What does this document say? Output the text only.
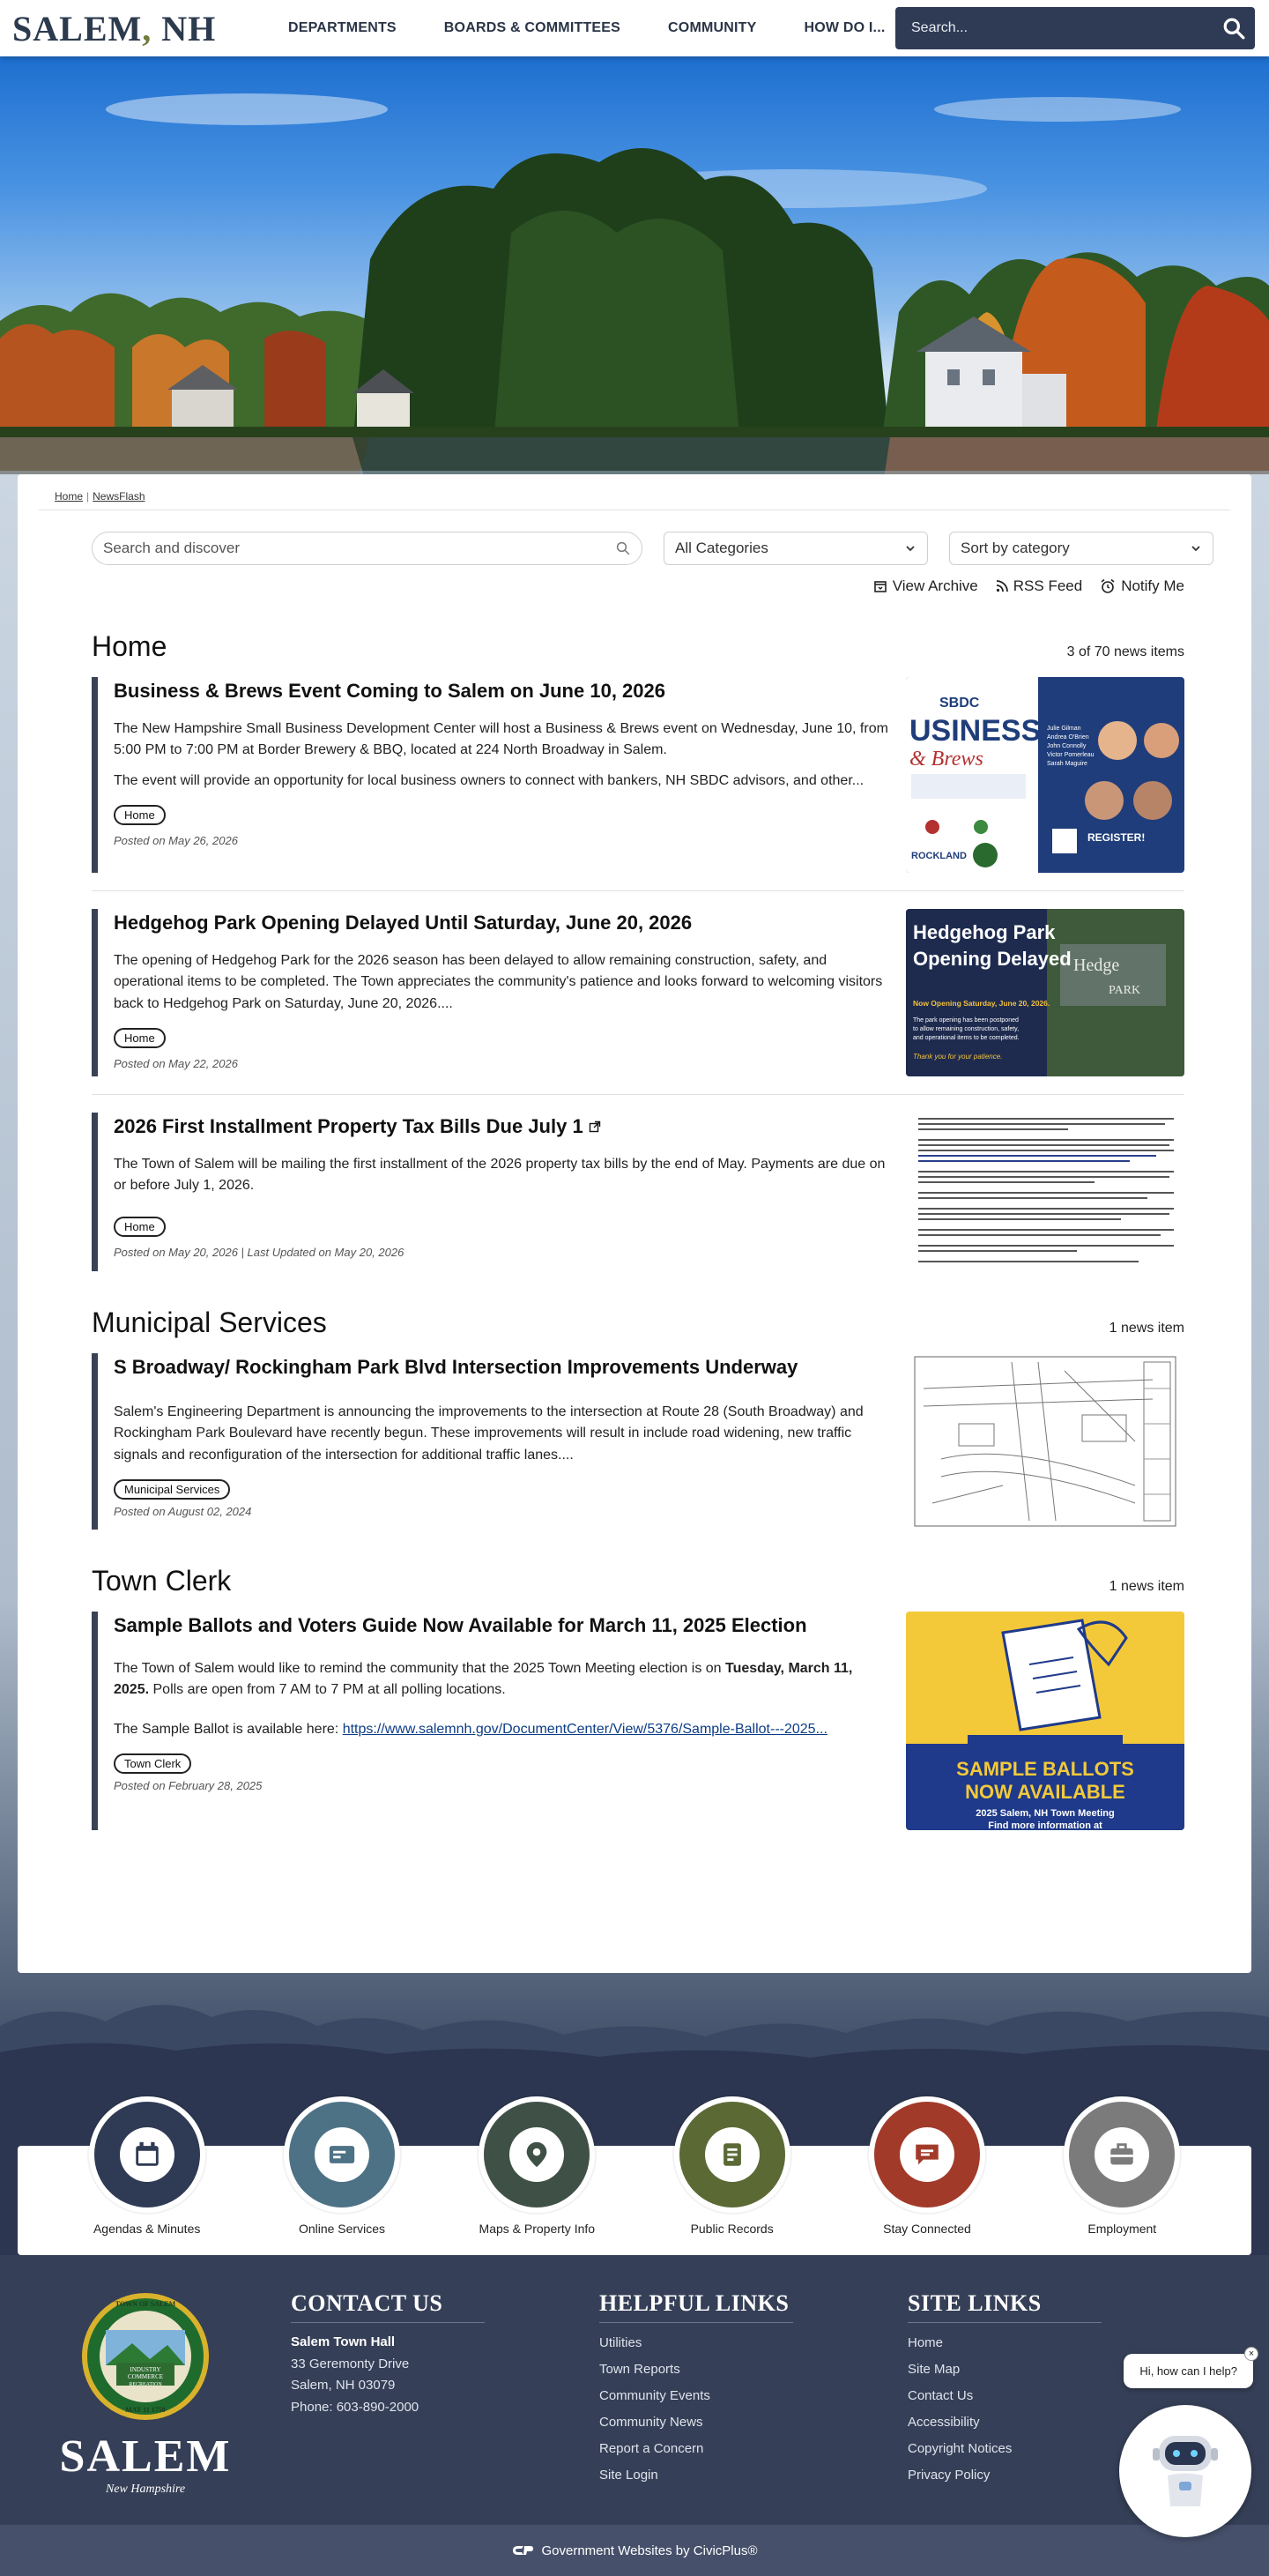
SALEM, NH	DEPARTMENTS	BOARDS & COMMITTEES	COMMUNITY	HOW DO I...
Search...
Home | NewsFlash
Search and discover	All Categories	Sort by category
View Archive RSS Feed	Notify Me
Home	3 of 70 news items
Business & Brews Event Coming to Salem on June 10, 2026

The New Hampshire Small Business Development Center will host a Business & Brews event on Wednesday, June 10, from 5:00 PM to 7:00 PM at Border Brewery & BBQ, located at 224 North Broadway in Salem.

The event will provide an opportunity for local business owners to connect with bankers, NH SBDC advisors, and other...

Home
Posted on May 26, 2026
SBDC
USINESS
& Brews
ROCKLAND
Julie Gilman
Andrea O'Brien
John Connolly
Victor Pomerleau
Sarah Maguire
REGISTER!
Hedgehog Park Opening Delayed Until Saturday, June 20, 2026

The opening of Hedgehog Park for the 2026 season has been delayed to allow remaining construction, safety, and operational items to be completed. The Town appreciates the community's patience and looks forward to welcoming visitors back to Hedgehog Park on Saturday, June 20, 2026....

Home
Posted on May 22, 2026
Hedge
PARK
Hedgehog Park
Opening Delayed
Now Opening Saturday, June 20, 2026.
The park opening has been postponed
to allow remaining construction, safety,
and operational items to be completed.
Thank you for your patience.
2026 First Installment Property Tax Bills Due July 1

The Town of Salem will be mailing the first installment of the 2026 property tax bills by the end of May. Payments are due on or before July 1, 2026.

Home
Posted on May 20, 2026 | Last Updated on May 20, 2026
Municipal Services	1 news item
S Broadway/ Rockingham Park Blvd Intersection Improvements Underway

Salem's Engineering Department is announcing the improvements to the intersection at Route 28 (South Broadway) and Rockingham Park Boulevard have recently begun. These improvements will result in include road widening, new traffic signals and reconfiguration of the intersection for additional traffic lanes....

Municipal Services
Posted on August 02, 2024
Town Clerk	1 news item
Sample Ballots and Voters Guide Now Available for March 11, 2025 Election

The Town of Salem would like to remind the community that the 2025 Town Meeting election is on Tuesday, March 11, 2025. Polls are open from 7 AM to 7 PM at all polling locations.

The Sample Ballot is available here: https://www.salemnh.gov/DocumentCenter/View/5376/Sample-Ballot---2025...

Town Clerk
Posted on February 28, 2025
SAMPLE BALLOTS
NOW AVAILABLE
2025 Salem, NH Town Meeting
Find more information at
Agendas & Minutes	Online Services	Maps & Property Info	Public Records	Stay Connected	Employment
INDUSTRY
COMMERCE
RECREATION
TOWN OF SALEM
MAY 11 1750
SALEM
New Hampshire
CONTACT US
Salem Town Hall
33 Geremonty Drive
Salem, NH 03079
Phone: 603-890-2000
HELPFUL LINKS
Utilities
Town Reports
Community Events
Community News
Report a Concern
Site Login
SITE LINKS
Home
Site Map
Contact Us
Accessibility
Copyright Notices
Privacy Policy
Hi, how can I help?
×
Government Websites by CivicPlus®
